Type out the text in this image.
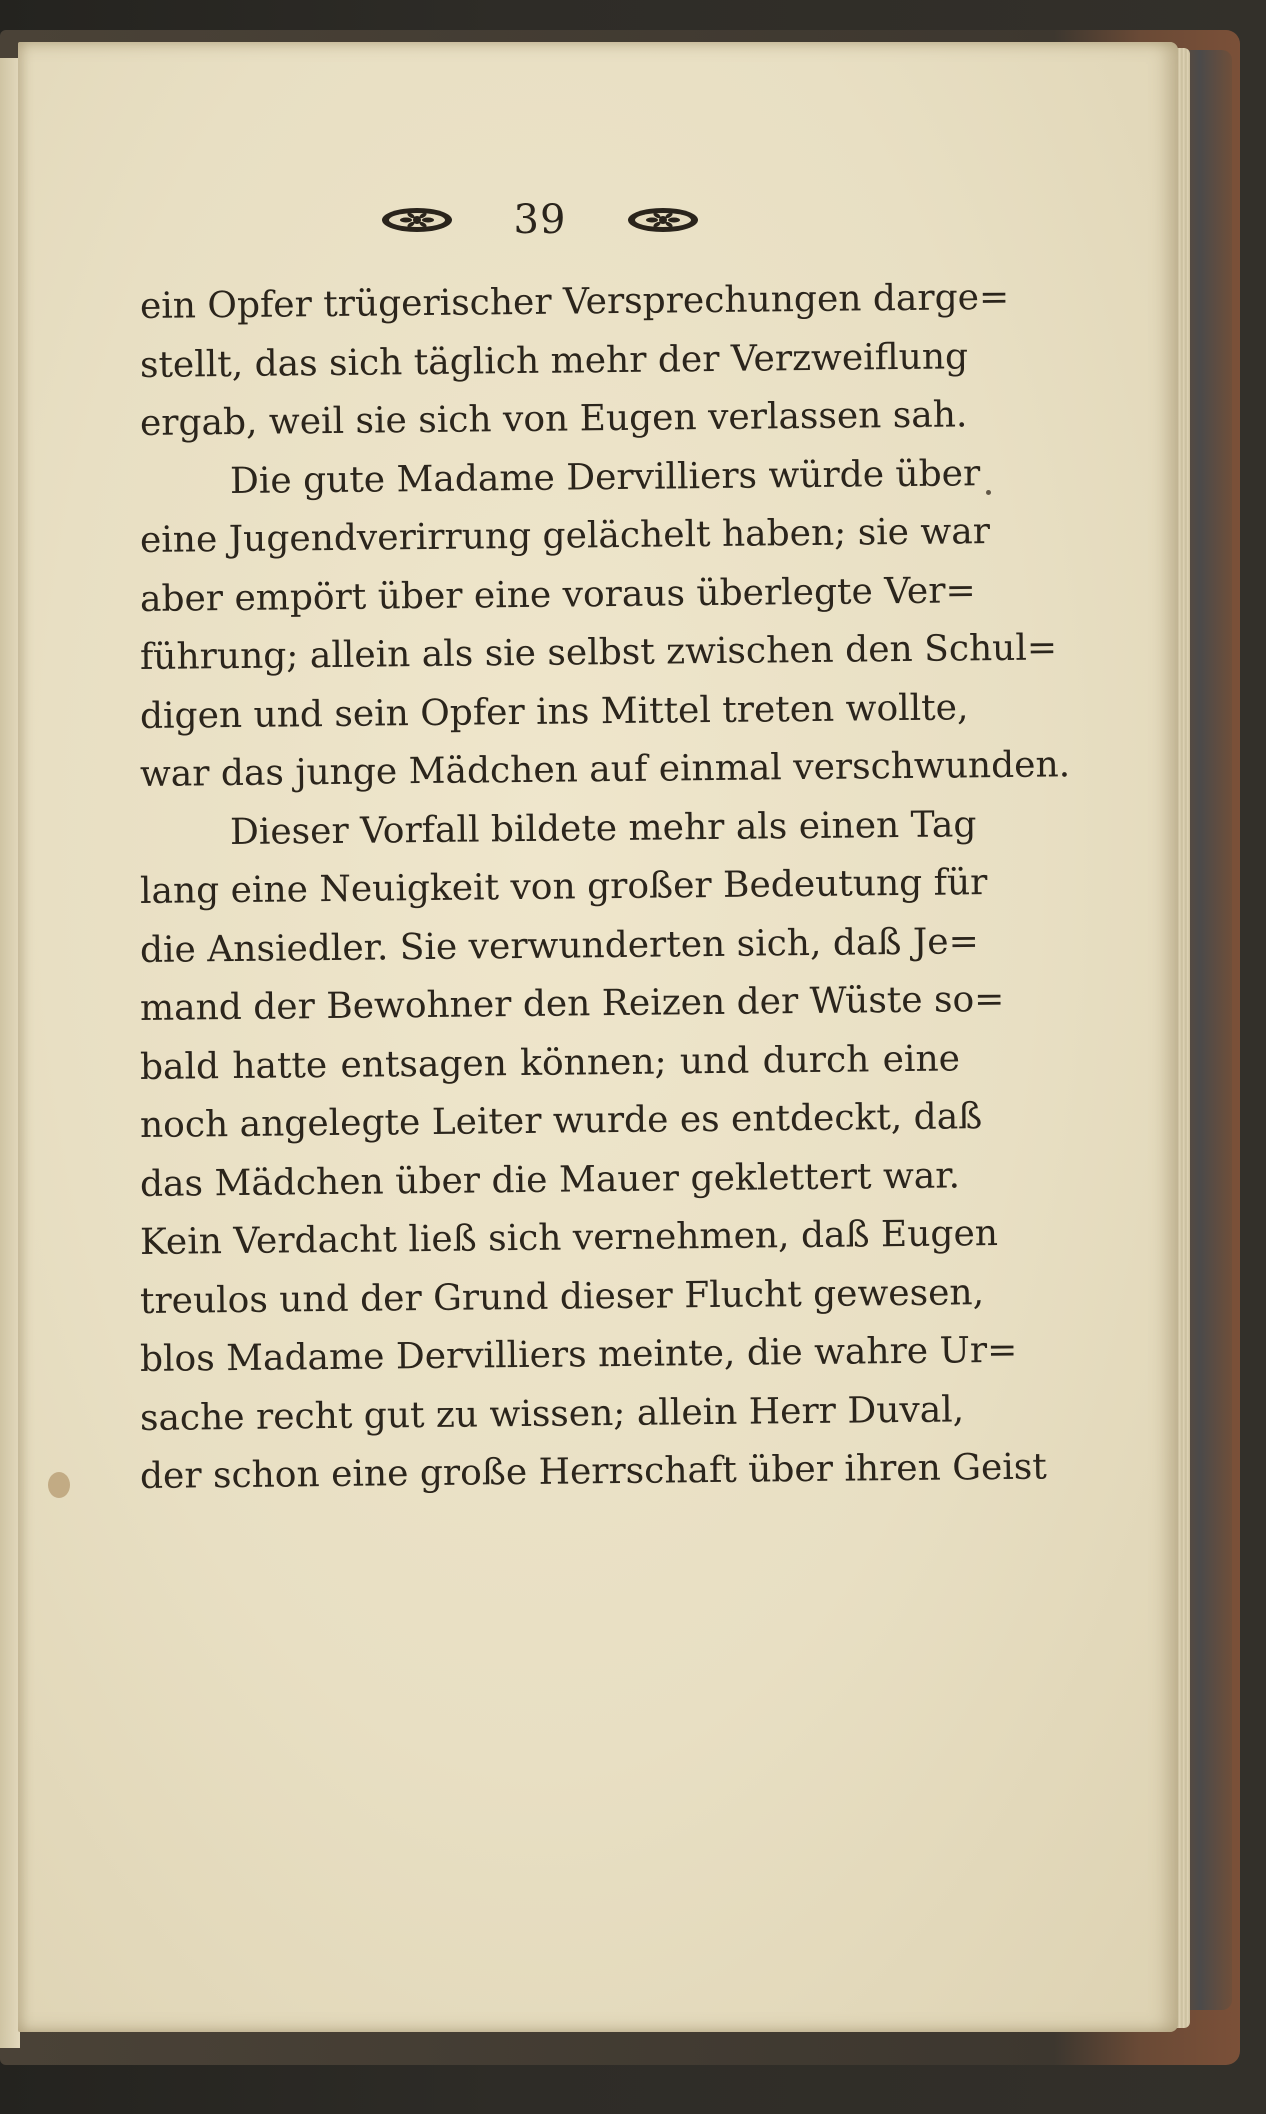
39
ein Opfer trügerischer Versprechungen darge=
stellt, das sich täglich mehr der Verzweiflung
ergab, weil sie sich von Eugen verlassen sah.
Die gute Madame Dervilliers würde über
eine Jugendverirrung gelächelt haben; sie war
aber empört über eine voraus überlegte Ver=
führung; allein als sie selbst zwischen den Schul=
digen und sein Opfer ins Mittel treten wollte,
war das junge Mädchen auf einmal verschwunden.
Dieser Vorfall bildete mehr als einen Tag
lang eine Neuigkeit von großer Bedeutung für
die Ansiedler. Sie verwunderten sich, daß Je=
mand der Bewohner den Reizen der Wüste so=
bald hatte entsagen können; und durch eine
noch angelegte Leiter wurde es entdeckt, daß
das Mädchen über die Mauer geklettert war.
Kein Verdacht ließ sich vernehmen, daß Eugen
treulos und der Grund dieser Flucht gewesen,
blos Madame Dervilliers meinte, die wahre Ur=
sache recht gut zu wissen; allein Herr Duval,
der schon eine große Herrschaft über ihren Geist
